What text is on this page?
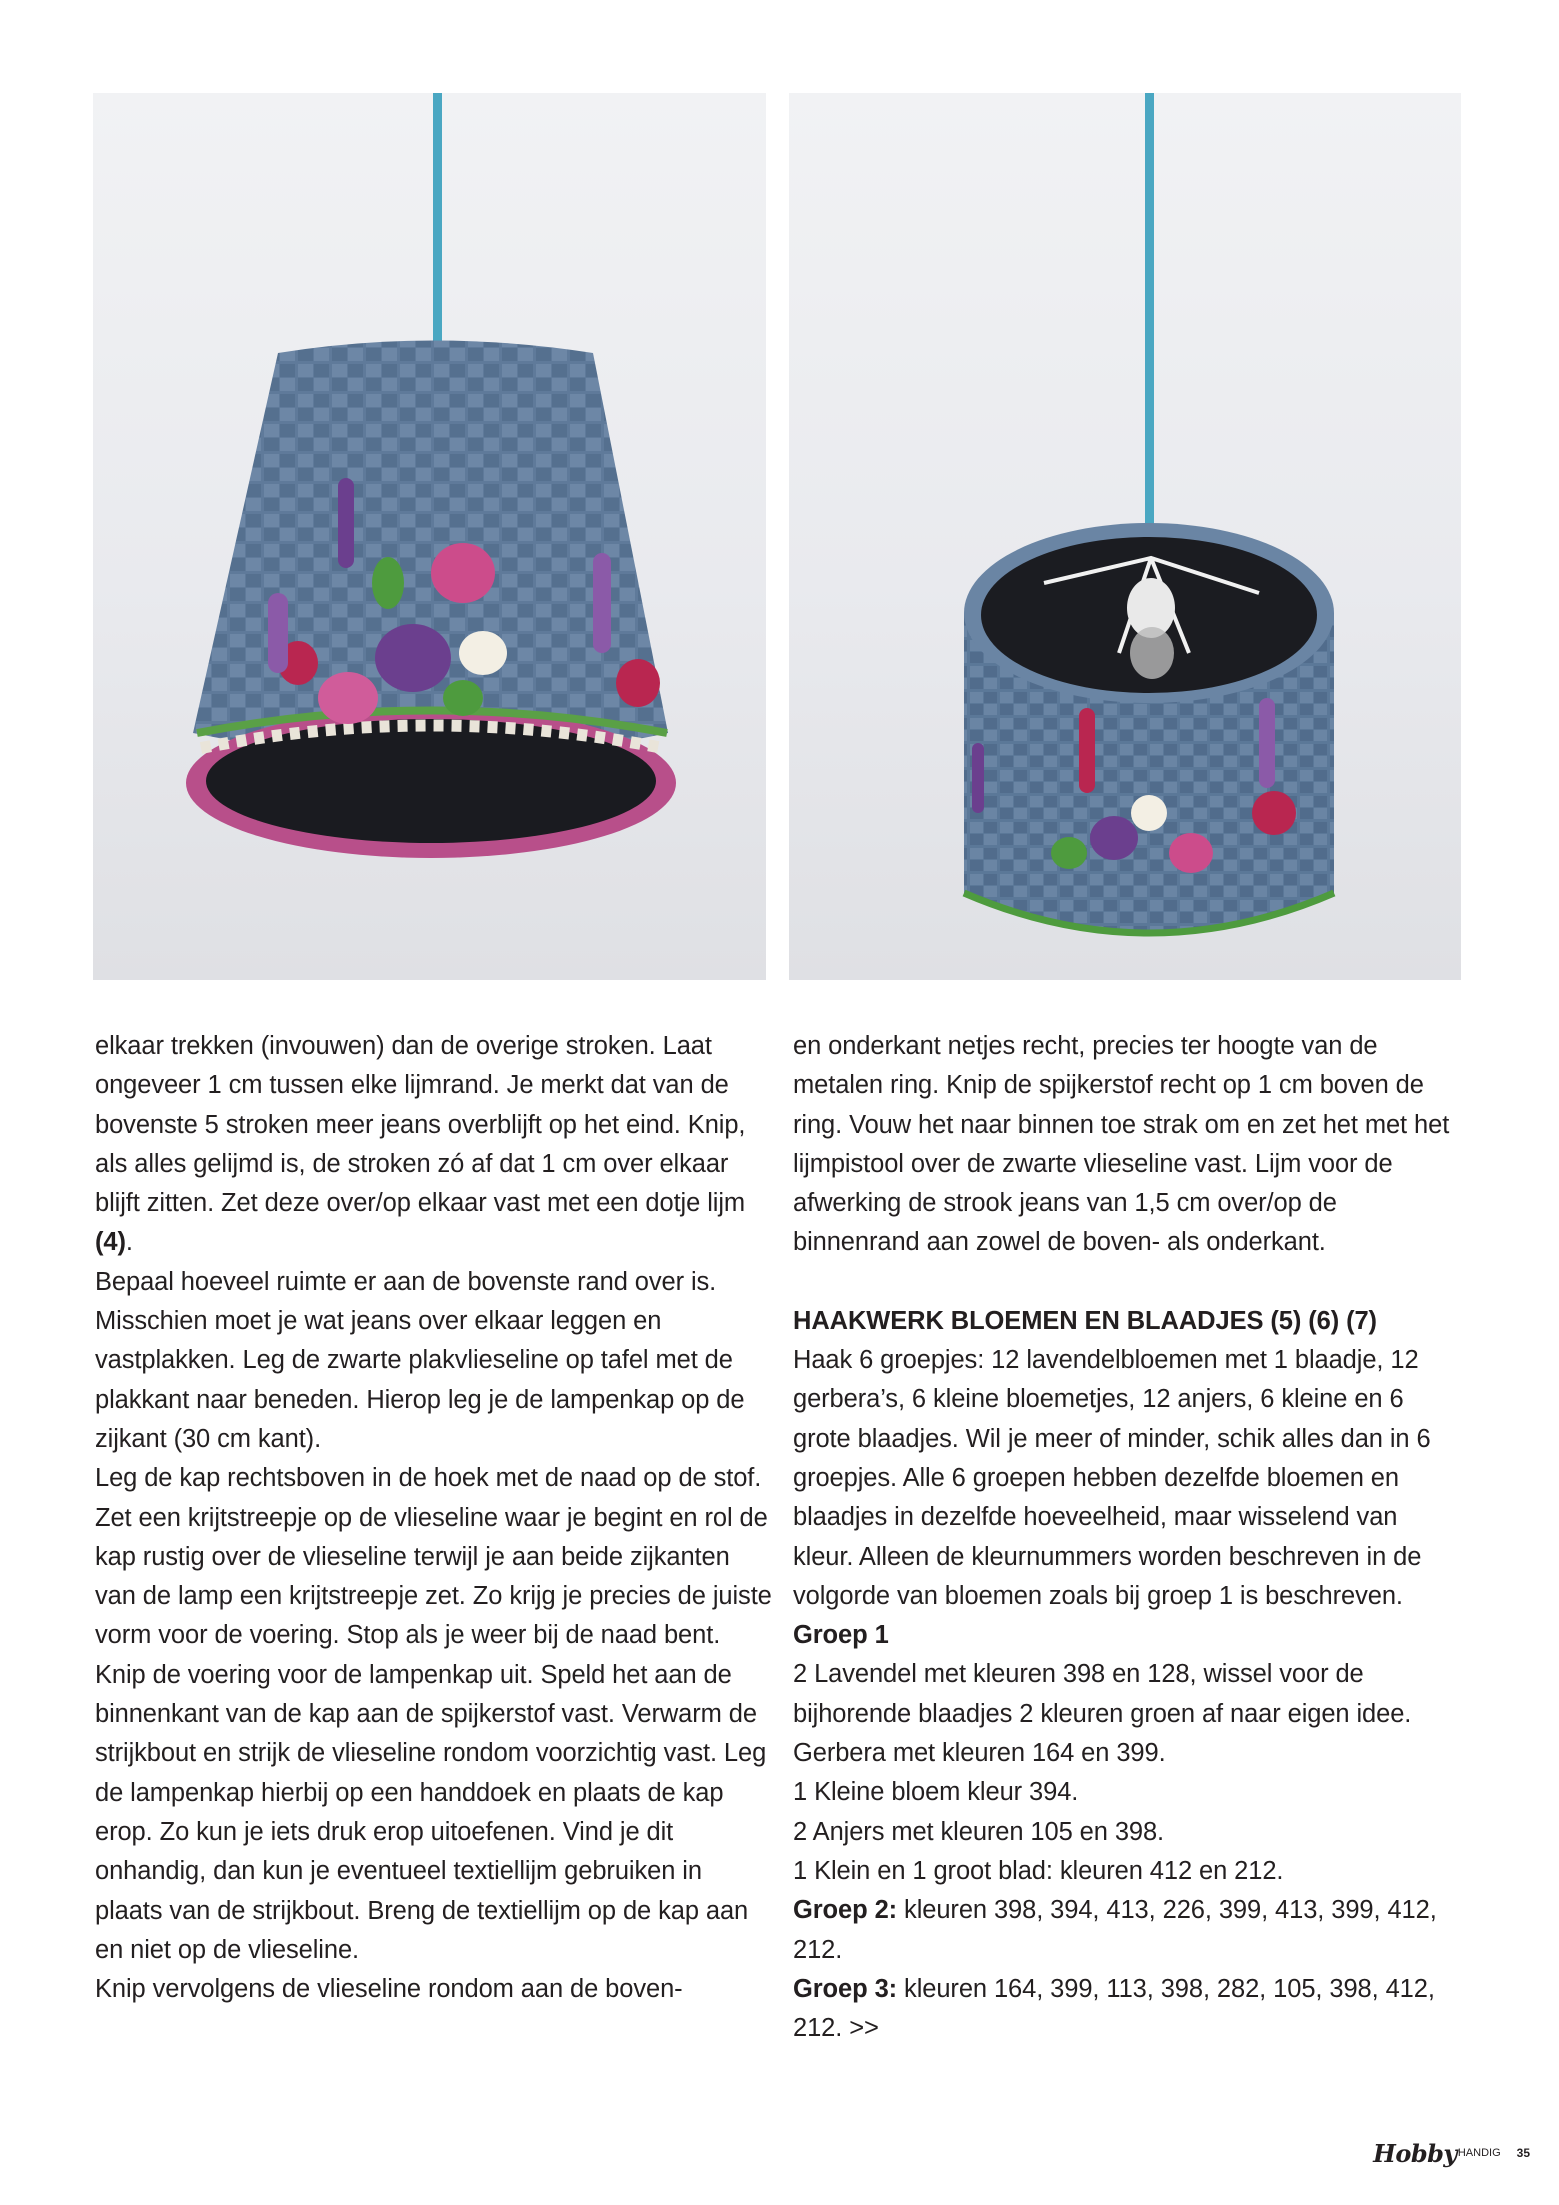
elkaar trekken (invouwen) dan de overige stroken. Laat ongeveer 1 cm tussen elke lijmrand. Je merkt dat van de bovenste 5 stroken meer jeans overblijft op het eind. Knip, als alles gelijmd is, de stroken zó af dat 1 cm over elkaar blijft zitten. Zet deze over/op elkaar vast met een dotje lijm (4).

Bepaal hoeveel ruimte er aan de bovenste rand over is. Misschien moet je wat jeans over elkaar leggen en vastplakken. Leg de zwarte plakvlieseline op tafel met de plakkant naar beneden. Hierop leg je de lampenkap op de zijkant (30 cm kant).

Leg de kap rechtsboven in de hoek met de naad op de stof. Zet een krijtstreepje op de vlieseline waar je begint en rol de kap rustig over de vlieseline terwijl je aan beide zijkanten van de lamp een krijtstreepje zet. Zo krijg je precies de juiste vorm voor de voering. Stop als je weer bij de naad bent.

Knip de voering voor de lampenkap uit. Speld het aan de binnenkant van de kap aan de spijkerstof vast. Verwarm de strijkbout en strijk de vlieseline rondom voorzichtig vast. Leg de lampenkap hierbij op een handdoek en plaats de kap erop. Zo kun je iets druk erop uitoefenen. Vind je dit onhandig, dan kun je eventueel textiellijm gebruiken in plaats van de strijkbout. Breng de textiellijm op de kap aan en niet op de vlieseline.

Knip vervolgens de vlieseline rondom aan de boven-

en onderkant netjes recht, precies ter hoogte van de metalen ring. Knip de spijkerstof recht op 1 cm boven de ring. Vouw het naar binnen toe strak om en zet het met het lijmpistool over de zwarte vlieseline vast. Lijm voor de afwerking de strook jeans van 1,5 cm over/op de binnenrand aan zowel de boven- als onderkant.

HAAKWERK BLOEMEN EN BLAADJES (5) (6) (7)

Haak 6 groepjes: 12 lavendelbloemen met 1 blaadje, 12 gerbera’s, 6 kleine bloemetjes, 12 anjers, 6 kleine en 6 grote blaadjes. Wil je meer of minder, schik alles dan in 6 groepjes. Alle 6 groepen hebben dezelfde bloemen en blaadjes in dezelfde hoeveelheid, maar wisselend van kleur. Alleen de kleurnummers worden beschreven in de volgorde van bloemen zoals bij groep 1 is beschreven.

Groep 1

2 Lavendel met kleuren 398 en 128, wissel voor de bijhorende blaadjes 2 kleuren groen af naar eigen idee.

Gerbera met kleuren 164 en 399.

1 Kleine bloem kleur 394.

2 Anjers met kleuren 105 en 398.

1 Klein en 1 groot blad: kleuren 412 en 212.

Groep 2: kleuren 398, 394, 413, 226, 399, 413, 399, 412, 212.

Groep 3: kleuren 164, 399, 113, 398, 282, 105, 398, 412, 212. >>

Hobby HANDIG 35
